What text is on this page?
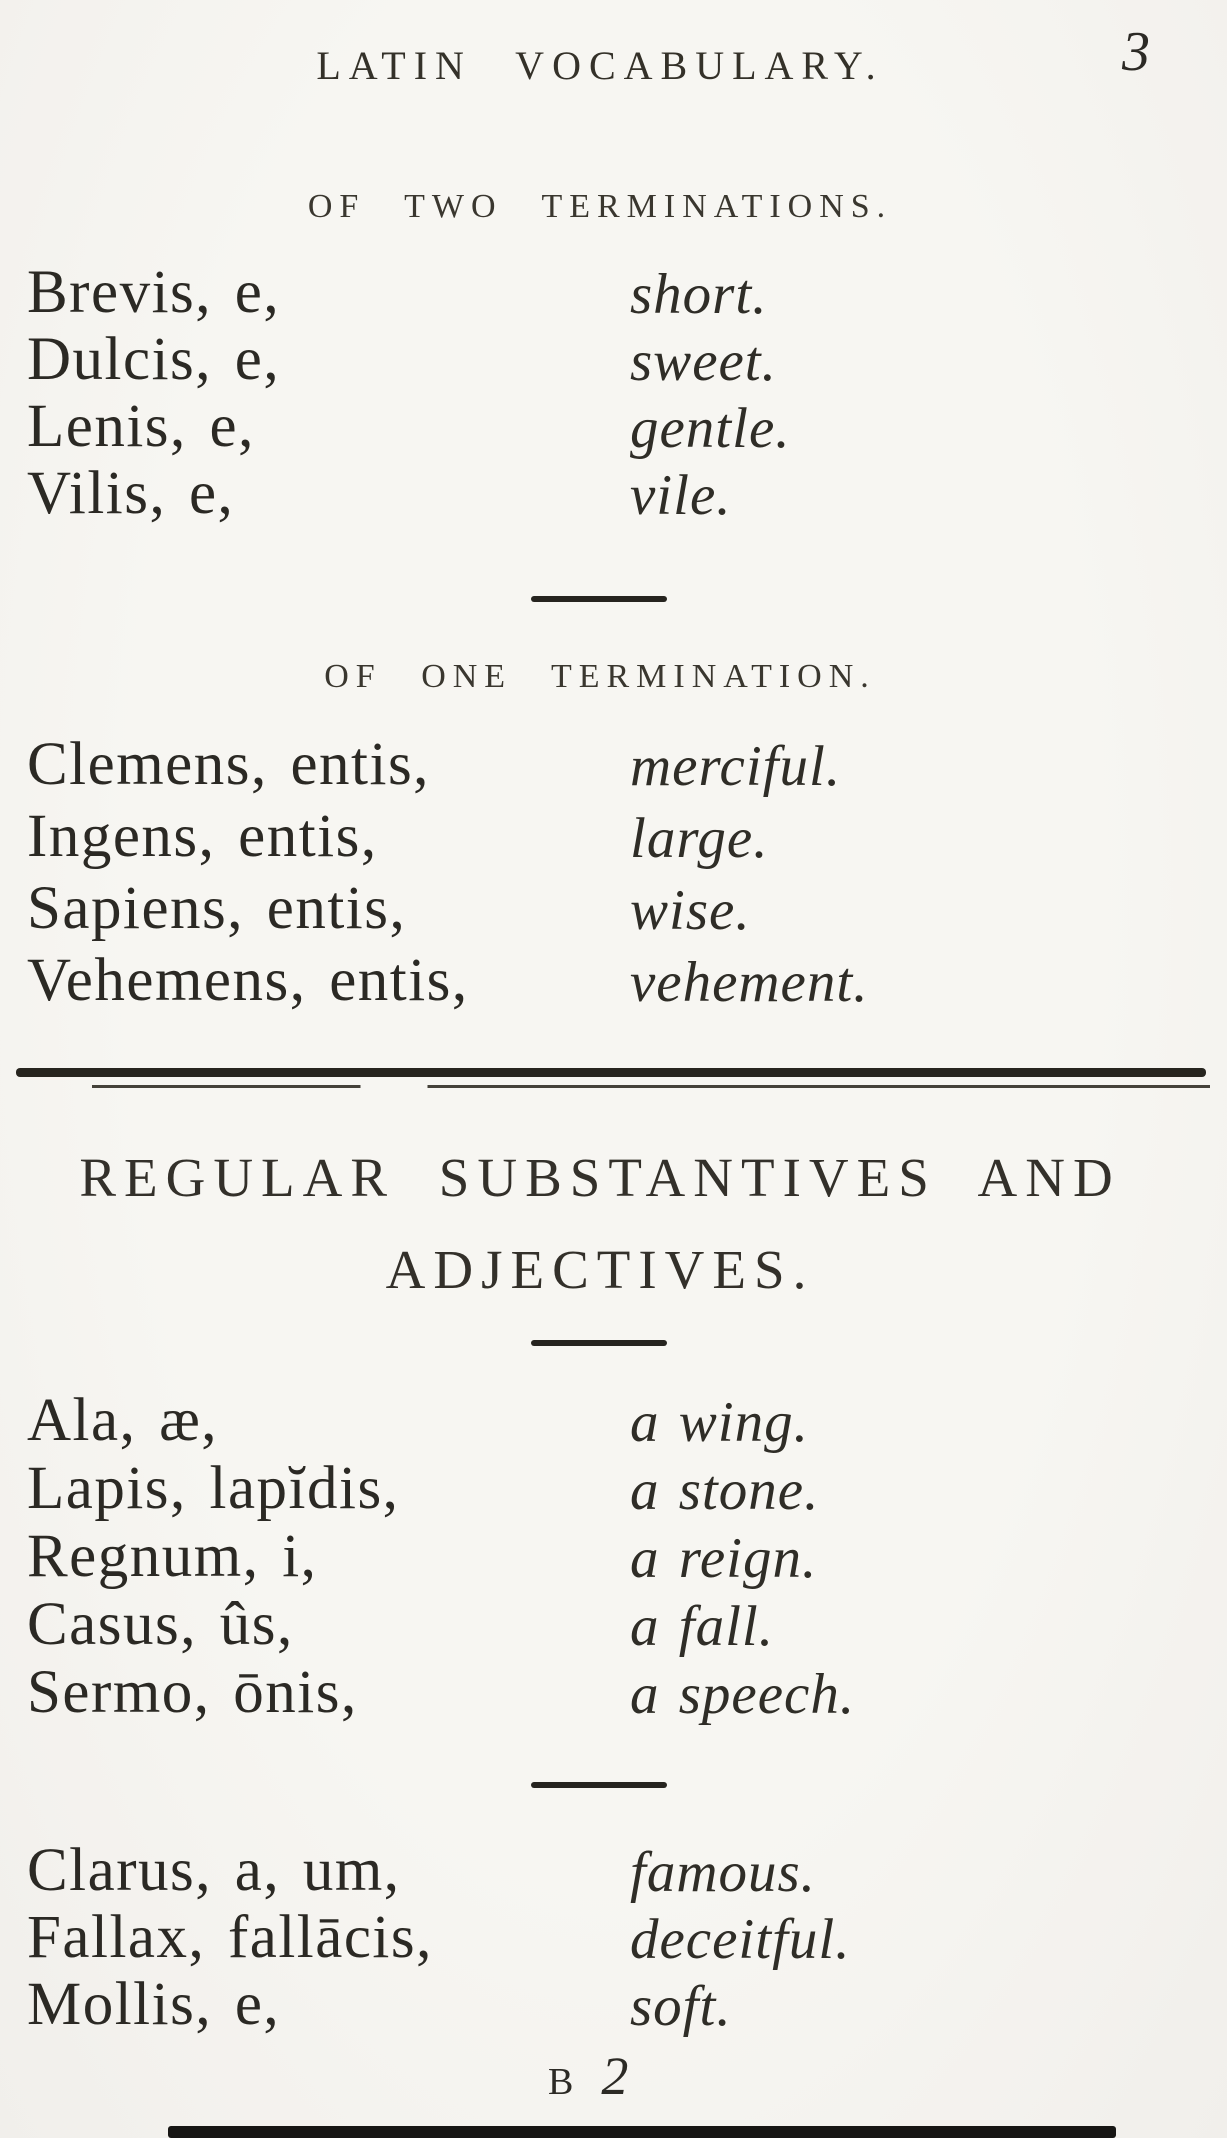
LATIN VOCABULARY.	3
OF TWO TERMINATIONS.
Brevis, e,	short.
Dulcis, e,	sweet.
Lenis, e,	gentle.
Vilis, e,	vile.
OF ONE TERMINATION.
Clemens, entis,	merciful.
Ingens, entis,	large.
Sapiens, entis,	wise.
Vehemens, entis,	vehement.
REGULAR SUBSTANTIVES AND
ADJECTIVES.
Ala, æ,	a wing.
Lapis, lapĭdis,	a stone.
Regnum, i,	a reign.
Casus, ûs,	a fall.
Sermo, ōnis,	a speech.
Clarus, a, um,	famous.
Fallax, fallācis,	deceitful.
Mollis, e,	soft.
B 2
